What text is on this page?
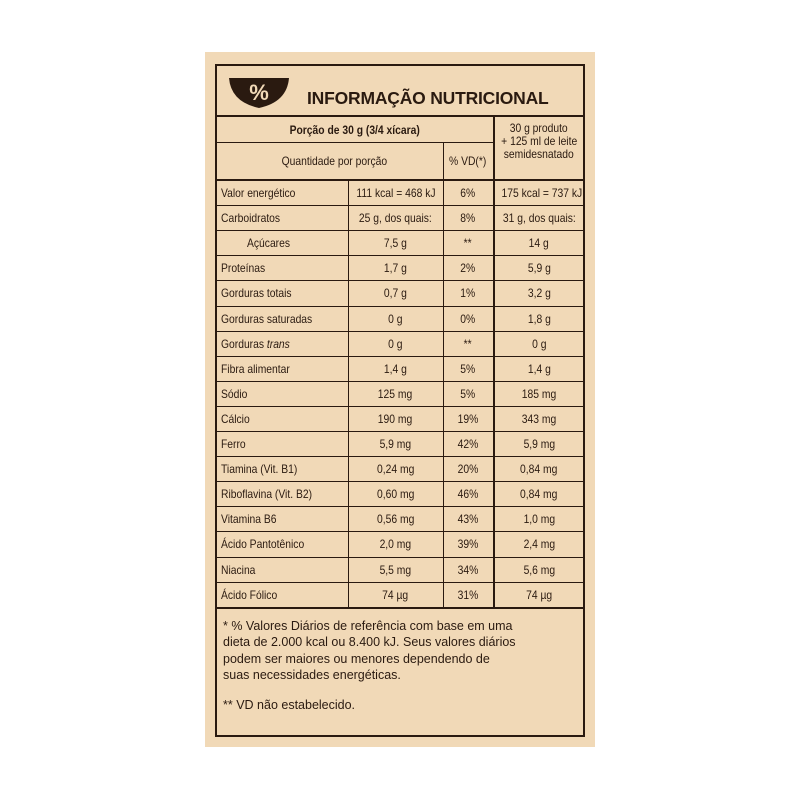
% INFORMAÇÃO NUTRICIONAL
Porção de 30 g (3/4 xícara)
Quantidade por porção	% VD(*)
30 g produto
+ 125 ml de leite
semidesnatado
Valor energético	111 kcal = 468 kJ	6%	175 kcal = 737 kJ
Carboidratos	25 g, dos quais:	8%	31 g, dos quais:
Açúcares	7,5 g	**	14 g
Proteínas	1,7 g	2%	5,9 g
Gorduras totais	0,7 g	1%	3,2 g
Gorduras saturadas	0 g	0%	1,8 g
Gorduras trans	0 g	**	0 g
Fibra alimentar	1,4 g	5%	1,4 g
Sódio	125 mg	5%	185 mg
Cálcio	190 mg	19%	343 mg
Ferro	5,9 mg	42%	5,9 mg
Tiamina (Vit. B1)	0,24 mg	20%	0,84 mg
Riboflavina (Vit. B2)	0,60 mg	46%	0,84 mg
Vitamina B6	0,56 mg	43%	1,0 mg
Ácido Pantotênico	2,0 mg	39%	2,4 mg
Niacina	5,5 mg	34%	5,6 mg
Ácido Fólico	74 µg	31%	74 µg
* % Valores Diários de referência com base em uma
dieta de 2.000 kcal ou 8.400 kJ. Seus valores diários
podem ser maiores ou menores dependendo de
suas necessidades energéticas.
** VD não estabelecido.
